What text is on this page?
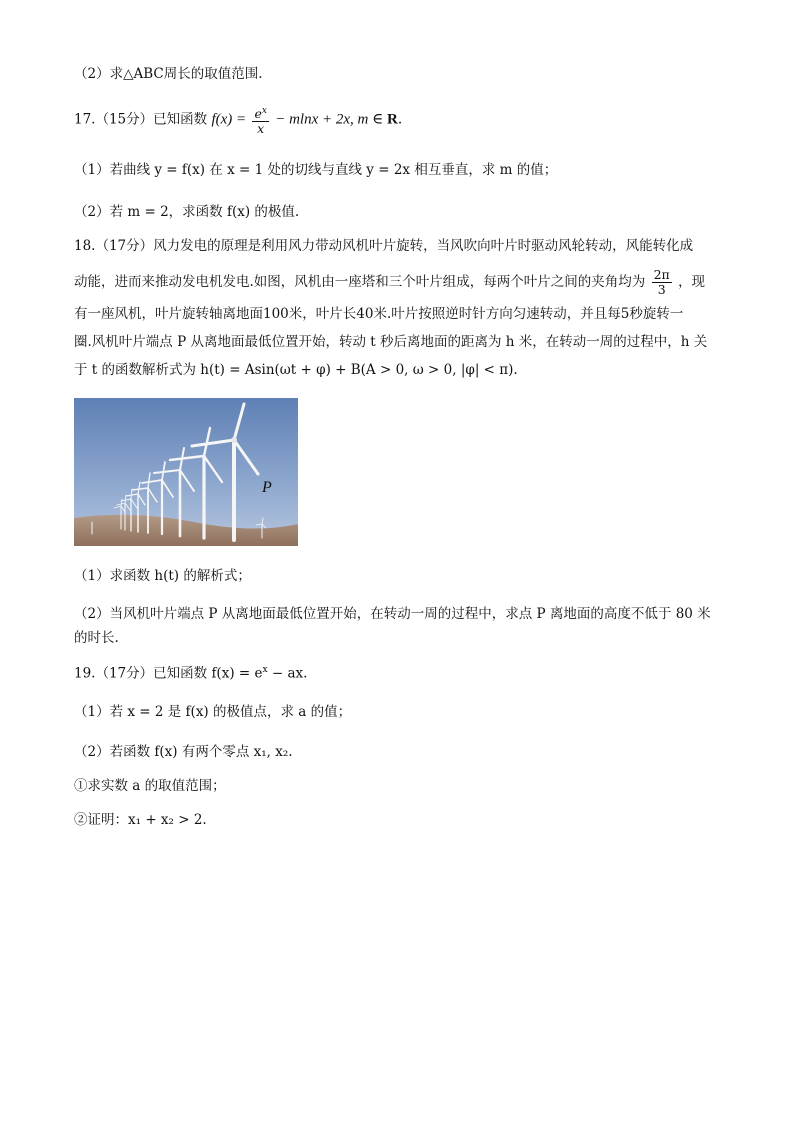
（2）求△ABC周长的取值范围.
17.（15分）已知函数 $f(x) = \frac{e^x}{x} - mlnx + 2x$, m ∈ R.
（1）若曲线 y = f(x) 在 x = 1 处的切线与直线 y = 2x 相互垂直，求 m 的值；
（2）若 m = 2，求函数 f(x) 的极值.
18.（17分）风力发电的原理是利用风力带动风机叶片旋转，当风吹向叶片时驱动风轮转动，风能转化成
动能，进而来推动发电机发电.如图，风机由一座塔和三个叶片组成，每两个叶片之间的夹角均为 $\frac{2\pi}{3}$ ，现
有一座风机，叶片旋转轴离地面100米，叶片长40米.叶片按照逆时针方向匀速转动，并且每5秒旋转一
圈.风机叶片端点 P 从离地面最低位置开始，转动 t 秒后离地面的距离为 h 米，在转动一周的过程中，h 关
于 t 的函数解析式为 h(t) = Asin(ωt + φ) + B(A > 0, ω > 0, |φ| < π).
P
（1）求函数 h(t) 的解析式；
（2）当风机叶片端点 P 从离地面最低位置开始，在转动一周的过程中，求点 P 离地面的高度不低于 80 米
的时长.
19.（17分）已知函数 $f(x) = e^x$ − ax.
（1）若 x = 2 是 f(x) 的极值点，求 a 的值；
（2）若函数 f(x) 有两个零点 x₁, x₂.
①求实数 a 的取值范围；
②证明：x₁ + x₂ > 2.
